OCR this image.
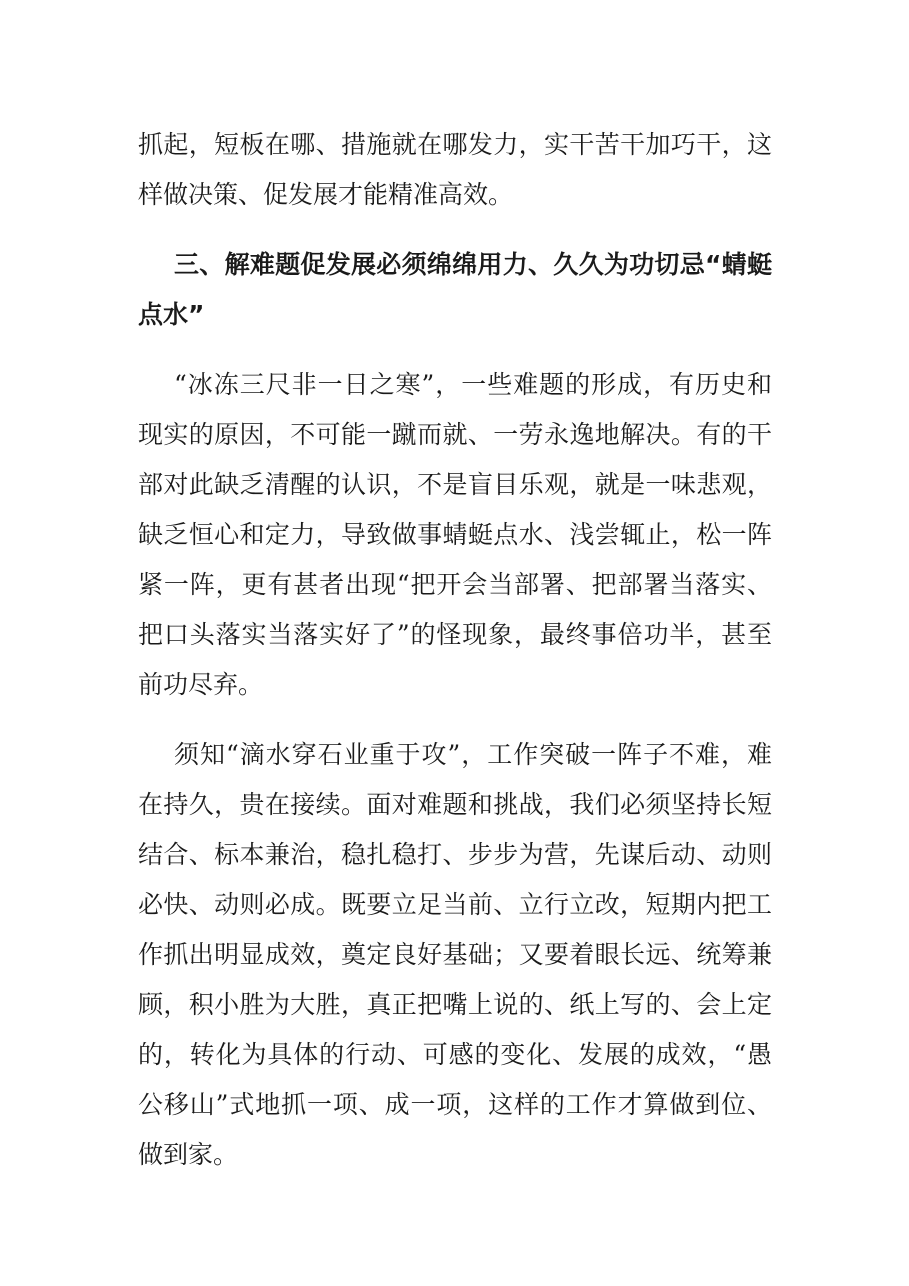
抓起，短板在哪、措施就在哪发力，实干苦干加巧干，这
样做决策、促发展才能精准高效。
三、解难题促发展必须绵绵用力、久久为功切忌“蜻蜓
点水”
“冰冻三尺非一日之寒”，一些难题的形成，有历史和
现实的原因，不可能一蹴而就、一劳永逸地解决。有的干
部对此缺乏清醒的认识，不是盲目乐观，就是一味悲观，
缺乏恒心和定力，导致做事蜻蜓点水、浅尝辄止，松一阵
紧一阵，更有甚者出现“把开会当部署、把部署当落实、
把口头落实当落实好了”的怪现象，最终事倍功半，甚至
前功尽弃。
须知“滴水穿石业重于攻”，工作突破一阵子不难，难
在持久，贵在接续。面对难题和挑战，我们必须坚持长短
结合、标本兼治，稳扎稳打、步步为营，先谋后动、动则
必快、动则必成。既要立足当前、立行立改，短期内把工
作抓出明显成效，奠定良好基础；又要着眼长远、统筹兼
顾，积小胜为大胜，真正把嘴上说的、纸上写的、会上定
的，转化为具体的行动、可感的变化、发展的成效，“愚
公移山”式地抓一项、成一项，这样的工作才算做到位、
做到家。
